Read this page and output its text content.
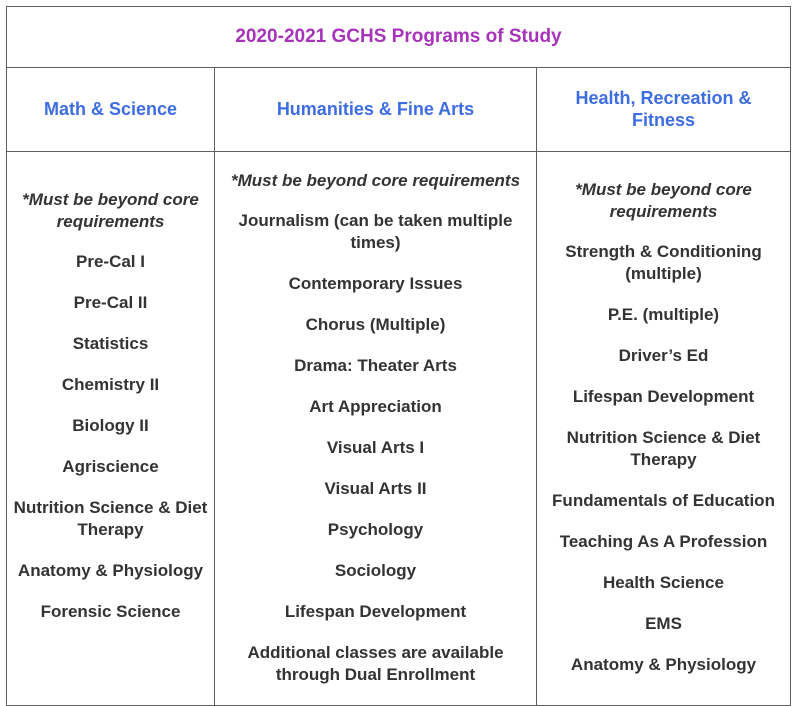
2020-2021 GCHS Programs of Study
Math & Science

*Must be beyond core requirements

Pre-Cal I

Pre-Cal II

Statistics

Chemistry II

Biology II

Agriscience

Nutrition Science & Diet Therapy

Anatomy & Physiology

Forensic Science

Humanities & Fine Arts

*Must be beyond core requirements

Journalism (can be taken multiple times)

Contemporary Issues

Chorus (Multiple)

Drama: Theater Arts

Art Appreciation

Visual Arts I

Visual Arts II

Psychology

Sociology

Lifespan Development

Additional classes are available through Dual Enrollment

Health, Recreation & Fitness

*Must be beyond core requirements

Strength & Conditioning (multiple)

P.E. (multiple)

Driver’s Ed

Lifespan Development

Nutrition Science & Diet Therapy

Fundamentals of Education

Teaching As A Profession

Health Science

EMS

Anatomy & Physiology
